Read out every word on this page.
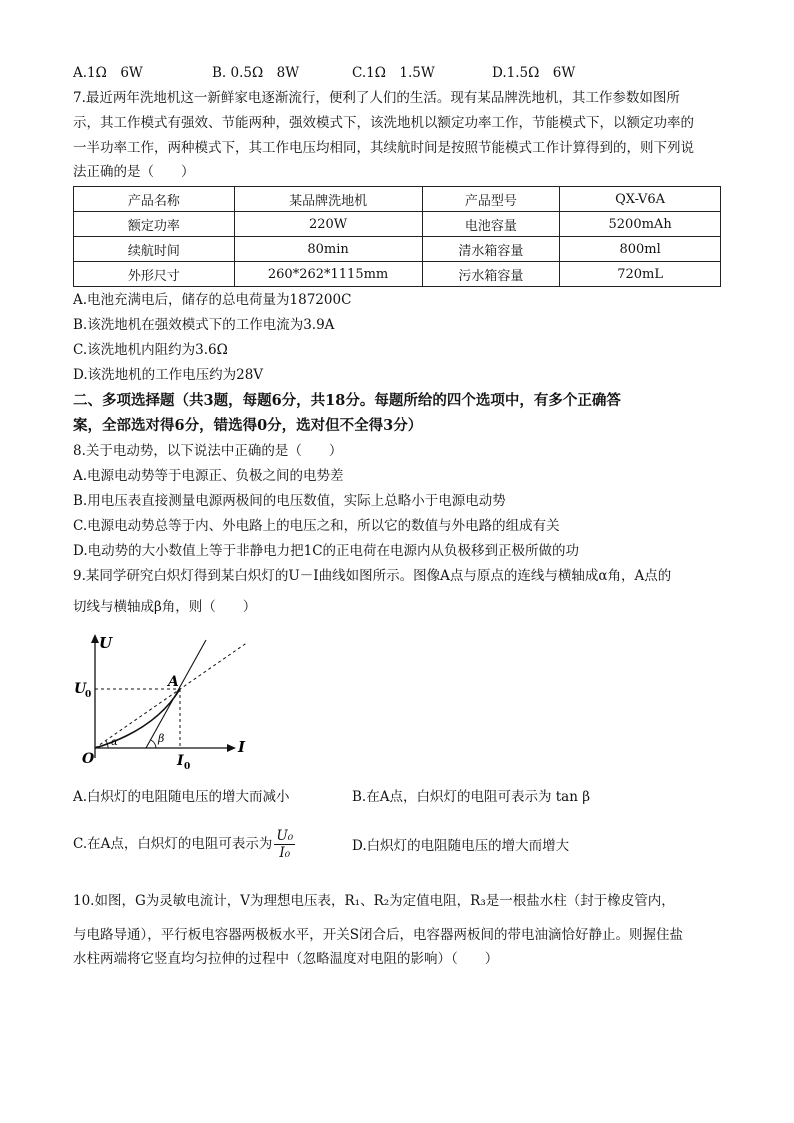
A.1Ω　6W	B. 0.5Ω　8W	C.1Ω　1.5W	D.1.5Ω　6W
7.最近两年洗地机这一新鲜家电逐渐流行，便利了人们的生活。现有某品牌洗地机，其工作参数如图所
示，其工作模式有强效、节能两种，强效模式下，该洗地机以额定功率工作，节能模式下，以额定功率的
一半功率工作，两种模式下，其工作电压均相同，其续航时间是按照节能模式工作计算得到的，则下列说
法正确的是（　　）
产品名称	某品牌洗地机	产品型号	QX-V6A
额定功率	220W	电池容量	5200mAh
续航时间	80min	清水箱容量	800ml
外形尺寸	260*262*1115mm	污水箱容量	720mL
A.电池充满电后，储存的总电荷量为187200C
B.该洗地机在强效模式下的工作电流为3.9A
C.该洗地机内阻约为3.6Ω
D.该洗地机的工作电压约为28V
二、多项选择题（共3题，每题6分，共18分。每题所给的四个选项中，有多个正确答
案，全部选对得6分，错选得0分，选对但不全得3分）
8.关于电动势，以下说法中正确的是（　　）
A.电源电动势等于电源正、负极之间的电势差
B.用电压表直接测量电源两极间的电压数值，实际上总略小于电源电动势
C.电源电动势总等于内、外电路上的电压之和，所以它的数值与外电路的组成有关
D.电动势的大小数值上等于非静电力把1C的正电荷在电源内从负极移到正极所做的功
9.某同学研究白炽灯得到某白炽灯的U－I曲线如图所示。图像A点与原点的连线与横轴成α角，A点的
切线与横轴成β角，则（　　）
U
I
U
0
I 0
O
A
α	β
A.白炽灯的电阻随电压的增大而减小	B.在A点，白炽灯的电阻可表示为 tan β
C.在A点，白炽灯的电阻可表示为 $\frac{\text{U₀}}{\text{I₀}}$	D.白炽灯的电阻随电压的增大而增大
10.如图，G为灵敏电流计，V为理想电压表，R₁、R₂为定值电阻，R₃是一根盐水柱（封于橡皮管内，
与电路导通），平行板电容器两极板水平，开关S闭合后，电容器两板间的带电油滴恰好静止。则握住盐
水柱两端将它竖直均匀拉伸的过程中（忽略温度对电阻的影响）（　　）
